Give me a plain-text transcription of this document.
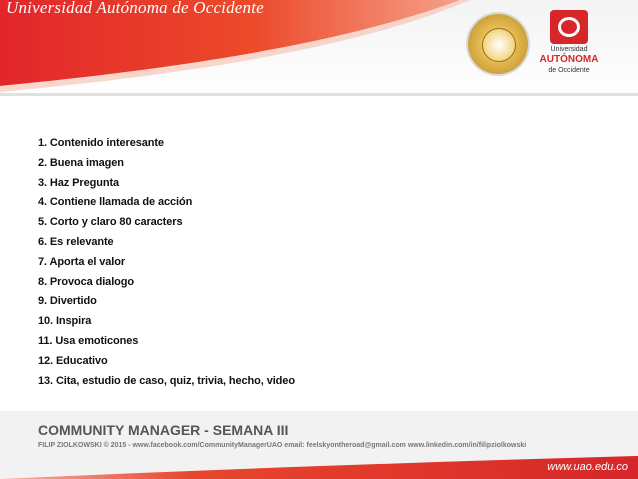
Universidad Autónoma de Occidente
Universidad
AUTÓNOMA
de Occidente
1. Contenido interesante
2. Buena imagen
3. Haz Pregunta
4. Contiene llamada de acción
5. Corto y claro 80 caracters
6. Es relevante
7. Aporta el valor
8. Provoca dialogo
9. Divertido
10. Inspira
11. Usa emoticones
12. Educativo
13. Cita, estudio de caso, quiz, trivia, hecho, video
COMMUNITY MANAGER - SEMANA III
FILIP ZIOLKOWSKI © 2015 - www.facebook.com/CommunityManagerUAO email: feelskyontheroad@gmail.com www.linkedin.com/in/filipziolkowski
www.uao.edu.co
